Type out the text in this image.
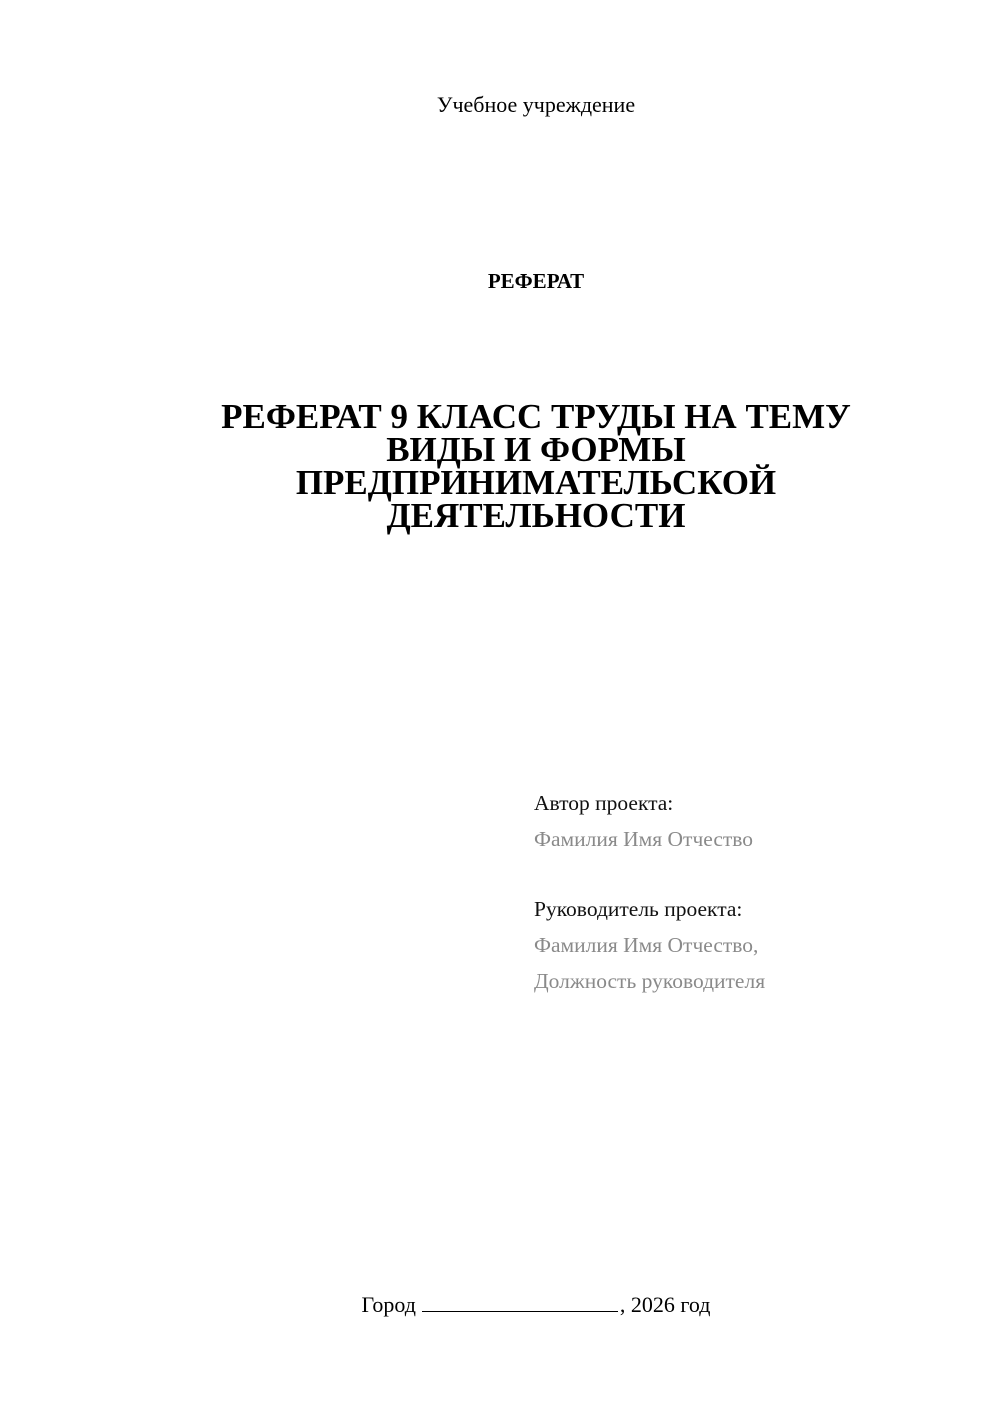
Учебное учреждение
РЕФЕРАТ
РЕФЕРАТ 9 КЛАСС ТРУДЫ НА ТЕМУ
ВИДЫ И ФОРМЫ
ПРЕДПРИНИМАТЕЛЬСКОЙ
ДЕЯТЕЛЬНОСТИ
Автор проекта:
Фамилия Имя Отчество
Руководитель проекта:
Фамилия Имя Отчество,
Должность руководителя
Город	, 2026 год
